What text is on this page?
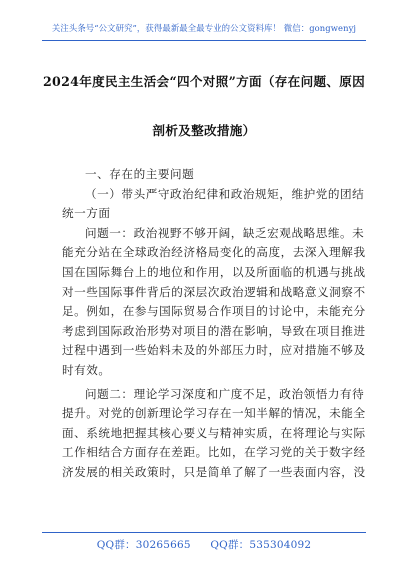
关注头条号“公文研究”，获得最新最全最专业的公文资料库！ 微信：gongwenyj
2024年度民主生活会“四个对照”方面（存在问题、原因
剖析及整改措施）
一、存在的主要问题
（一）带头严守政治纪律和政治规矩，维护党的团结
统一方面
问题一：政治视野不够开阔，缺乏宏观战略思维。未
能充分站在全球政治经济格局变化的高度，去深入理解我
国在国际舞台上的地位和作用，以及所面临的机遇与挑战
对一些国际事件背后的深层次政治逻辑和战略意义洞察不
足。例如，在参与国际贸易合作项目的讨论中，未能充分
考虑到国际政治形势对项目的潜在影响，导致在项目推进
过程中遇到一些始料未及的外部压力时，应对措施不够及
时有效。
问题二：理论学习深度和广度不足，政治领悟力有待
提升。对党的创新理论学习存在一知半解的情况，未能全
面、系统地把握其核心要义与精神实质，在将理论与实际
工作相结合方面存在差距。比如，在学习党的关于数字经
济发展的相关政策时，只是简单了解了一些表面内容，没
QQ群：30265665 QQ群：535304092
